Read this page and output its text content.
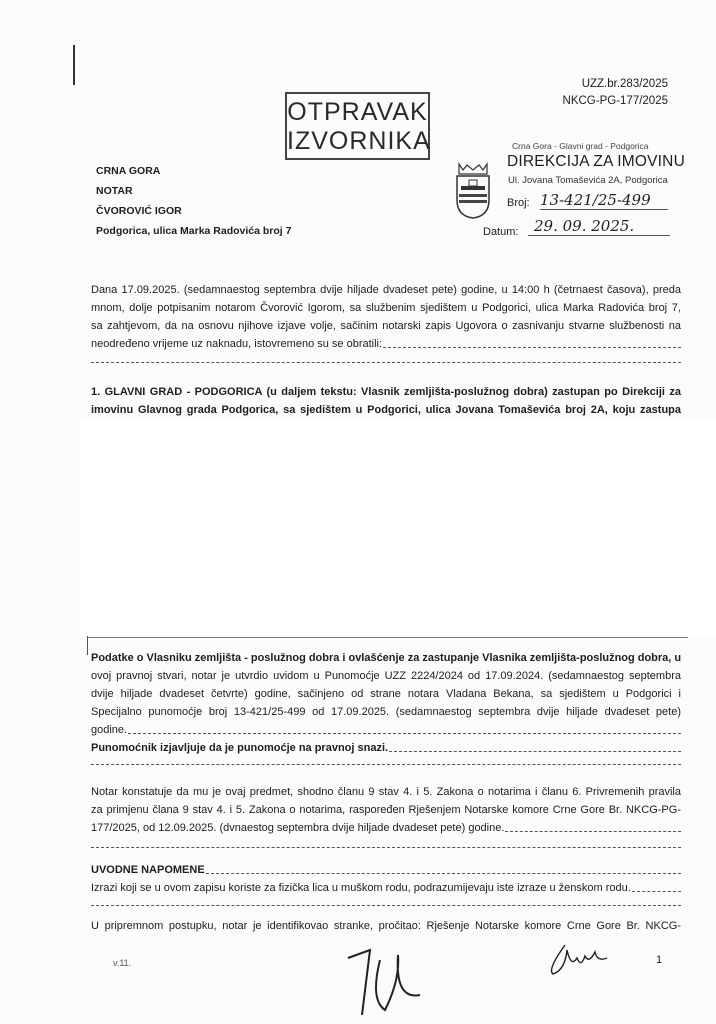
UZZ.br.283/2025
NKCG-PG-177/2025
OTPRAVAK
IZVORNIKA	Crna Gora - Glavni grad - Podgorica
DIREKCIJA ZA IMOVINU
Ul. Jovana Tomaševića 2A, Podgorica
Broj: 13-421/25-499
Datum:	29. 09. 2025.
CRNA GORA
NOTAR
ČVOROVIĆ IGOR
Podgorica, ulica Marka Radovića broj 7
Dana 17.09.2025. (sedamnaestog septembra dvije hiljade dvadeset pete) godine, u 14:00 h (četrnaest časova), preda
mnom, dolje potpisanim notarom Čvorović Igorom, sa službenim sjedištem u Podgorici, ulica Marka Radovića broj 7,
sa zahtjevom, da na osnovu njihove izjave volje, sačinim notarski zapis Ugovora o zasnivanju stvarne službenosti na
neodređeno vrijeme uz naknadu, istovremeno su se obratili:
1. GLAVNI GRAD - PODGORICA (u daljem tekstu: Vlasnik zemljišta-poslužnog dobra) zastupan po Direkciji za
imovinu Glavnog grada Podgorica, sa sjedištem u Podgorici, ulica Jovana Tomaševića broj 2A, koju zastupa
Podatke o Vlasniku zemljišta - poslužnog dobra i ovlašćenje za zastupanje Vlasnika zemljišta-poslužnog dobra, u
ovoj pravnoj stvari, notar je utvrdio uvidom u Punomoćje UZZ 2224/2024 od 17.09.2024. (sedamnaestog septembra
dvije hiljade dvadeset četvrte) godine, sačinjeno od strane notara Vladana Bekana, sa sjedištem u Podgorici i
Specijalno punomoćje broj 13-421/25-499 od 17.09.2025. (sedamnaestog septembra dvije hiljade dvadeset pete)
godine.
Punomoćnik izjavljuje da je punomoćje na pravnoj snazi.
Notar konstatuje da mu je ovaj predmet, shodno članu 9 stav 4. i 5. Zakona o notarima i članu 6. Privremenih pravila
za primjenu člana 9 stav 4. i 5. Zakona o notarima, raspoređen Rješenjem Notarske komore Crne Gore Br. NKCG-PG-
177/2025, od 12.09.2025. (dvnaestog septembra dvije hiljade dvadeset pete) godine.
UVODNE NAPOMENE
Izrazi koji se u ovom zapisu koriste za fizička lica u muškom rodu, podrazumijevaju iste izraze u ženskom rodu.
U pripremnom postupku, notar je identifikovao stranke, pročitao: Rješenje Notarske komore Crne Gore Br. NKCG-
v.11.	1
